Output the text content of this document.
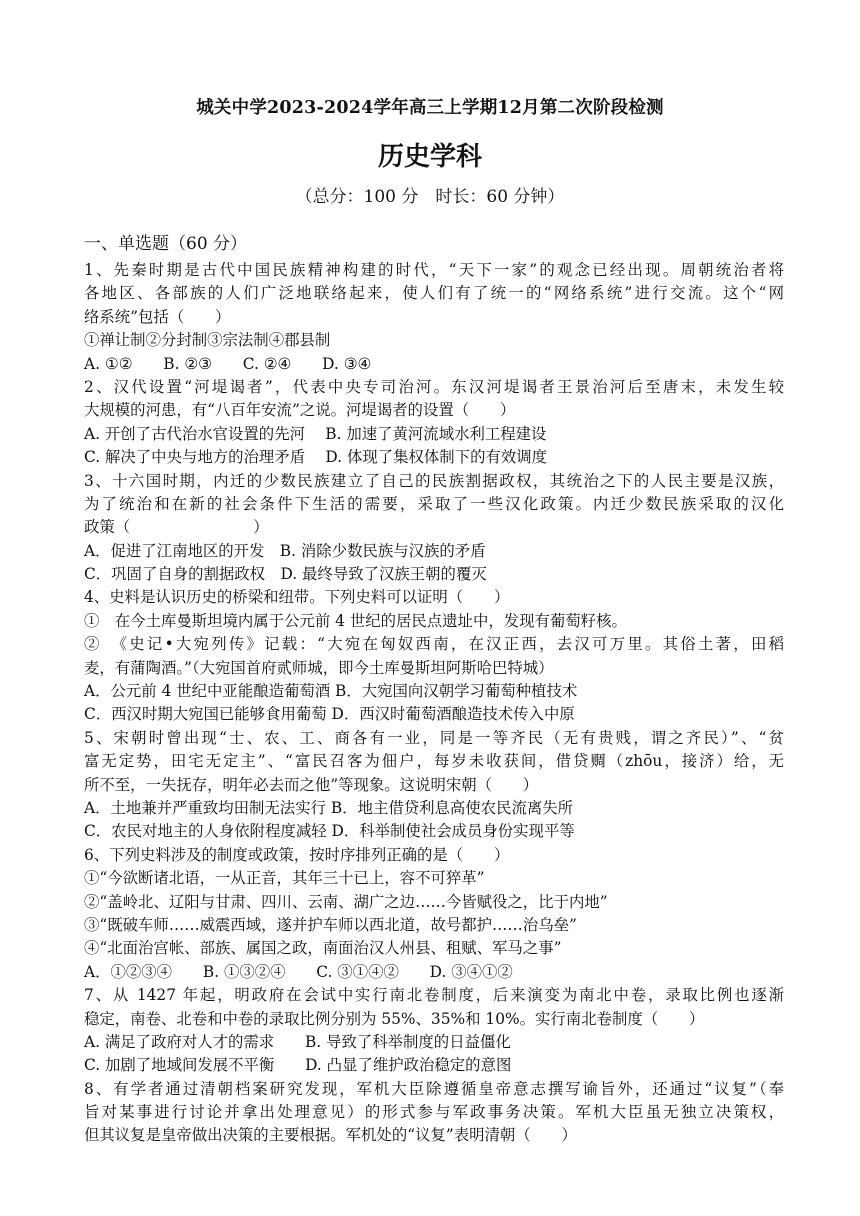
城关中学2023-2024学年高三上学期12月第二次阶段检测
历史学科
（总分：100 分　时长：60 分钟）
一、单选题（60 分）
1、先秦时期是古代中国民族精神构建的时代，“天下一家”的观念已经出现。周朝统治者将
各地区、各部族的人们广泛地联络起来，使人们有了统一的“网络系统”进行交流。这个“网
络系统”包括（　　）
①禅让制②分封制③宗法制④郡县制
A. ①②　　B. ②③　　C. ②④　　D. ③④
2、汉代设置“河堤谒者”，代表中央专司治河。东汉河堤谒者王景治河后至唐末，未发生较
大规模的河患，有“八百年安流”之说。河堤谒者的设置（　　）
A. 开创了古代治水官设置的先河　 B. 加速了黄河流域水利工程建设
C. 解决了中央与地方的治理矛盾　 D. 体现了集权体制下的有效调度
3、十六国时期，内迁的少数民族建立了自己的民族割据政权，其统治之下的人民主要是汉族，
为了统治和在新的社会条件下生活的需要，采取了一些汉化政策。内迁少数民族采取的汉化
政策（　　　　　　　　）
A．促进了江南地区的开发　B. 消除少数民族与汉族的矛盾
C．巩固了自身的割据政权　D. 最终导致了汉族王朝的覆灭
4、史料是认识历史的桥梁和纽带。下列史料可以证明（　　）
①　在今土库曼斯坦境内属于公元前 4 世纪的居民点遗址中，发现有葡萄籽核。
②　《史记•大宛列传》记载：“大宛在匈奴西南，在汉正西，去汉可万里。其俗土著，田稻
麦，有蒲陶酒。”（大宛国首府贰师城，即今土库曼斯坦阿斯哈巴特城）
A．公元前 4 世纪中亚能酿造葡萄酒 B．大宛国向汉朝学习葡萄种植技术
C．西汉时期大宛国已能够食用葡萄 D．西汉时葡萄酒酿造技术传入中原
5、宋朝时曾出现“士、农、工、商各有一业，同是一等齐民（无有贵贱，谓之齐民）”、“贫
富无定势，田宅无定主”、“富民召客为佃户，每岁未收获间，借贷赒（zhōu，接济）给，无
所不至，一失抚存，明年必去而之他”等现象。这说明宋朝（　　）
A．土地兼并严重致均田制无法实行 B．地主借贷利息高使农民流离失所
C．农民对地主的人身依附程度减轻 D．科举制使社会成员身份实现平等
6、下列史料涉及的制度或政策，按时序排列正确的是（　　）
①“今欲断诸北语，一从正音，其年三十已上，容不可猝革”
②“盖岭北、辽阳与甘肃、四川、云南、湖广之边……今皆赋役之，比于内地”
③“既破车师……威震西域，遂并护车师以西北道，故号都护……治乌垒”
④“北面治宫帐、部族、属国之政，南面治汉人州县、租赋、军马之事”
A．①②③④　　B. ①③②④　　C. ③①④②　　D. ③④①②
7、从 1427 年起，明政府在会试中实行南北卷制度，后来演变为南北中卷，录取比例也逐渐
稳定，南卷、北卷和中卷的录取比例分别为 55%、35%和 10%。实行南北卷制度（　　）
A. 满足了政府对人才的需求　　B. 导致了科举制度的日益僵化
C. 加剧了地域间发展不平衡　　D. 凸显了维护政治稳定的意图
8、有学者通过清朝档案研究发现，军机大臣除遵循皇帝意志撰写谕旨外，还通过“议复”（奉
旨对某事进行讨论并拿出处理意见）的形式参与军政事务决策。军机大臣虽无独立决策权，
但其议复是皇帝做出决策的主要根据。军机处的“议复”表明清朝（　　）
